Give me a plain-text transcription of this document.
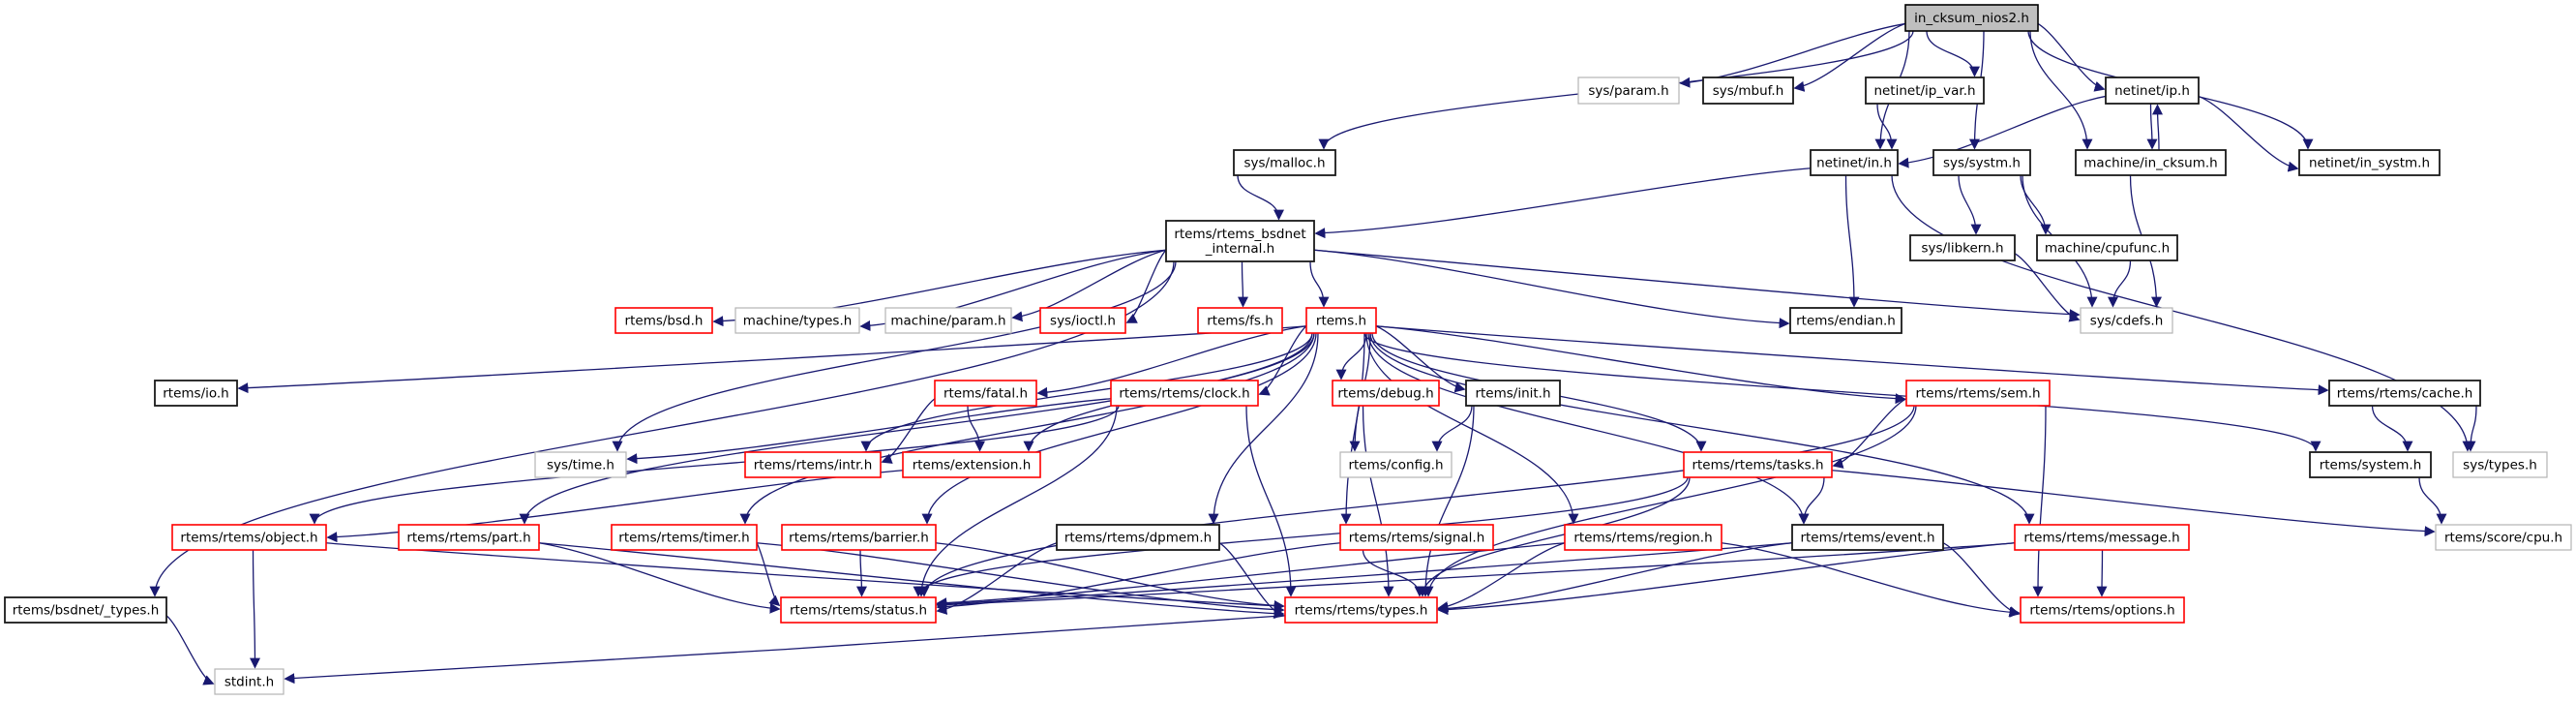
in_cksum_nios2.h
sys/param.h	sys/mbuf.h	netinet/ip_var.h	netinet/ip.h
sys/malloc.h	netinet/in.h	sys/systm.h	machine/in_cksum.h	netinet/in_systm.h
rtems/rtems_bsdnet _internal.h	sys/libkern.h	machine/cpufunc.h
rtems/bsd.h	machine/types.h	machine/param.h	sys/ioctl.h	rtems/fs.h	rtems.h	rtems/endian.h	sys/cdefs.h
rtems/io.h	rtems/fatal.h	rtems/rtems/clock.h	rtems/debug.h	rtems/init.h	rtems/rtems/sem.h	rtems/rtems/cache.h
sys/time.h	rtems/rtems/intr.h	rtems/extension.h	rtems/config.h	rtems/rtems/tasks.h	rtems/system.h	sys/types.h
rtems/rtems/object.h	rtems/rtems/part.h	rtems/rtems/timer.h	rtems/rtems/barrier.h	rtems/rtems/dpmem.h	rtems/rtems/signal.h	rtems/rtems/region.h	rtems/rtems/event.h	rtems/rtems/message.h	rtems/score/cpu.h
rtems/bsdnet/_types.h	rtems/rtems/status.h	rtems/rtems/types.h	rtems/rtems/options.h
stdint.h
